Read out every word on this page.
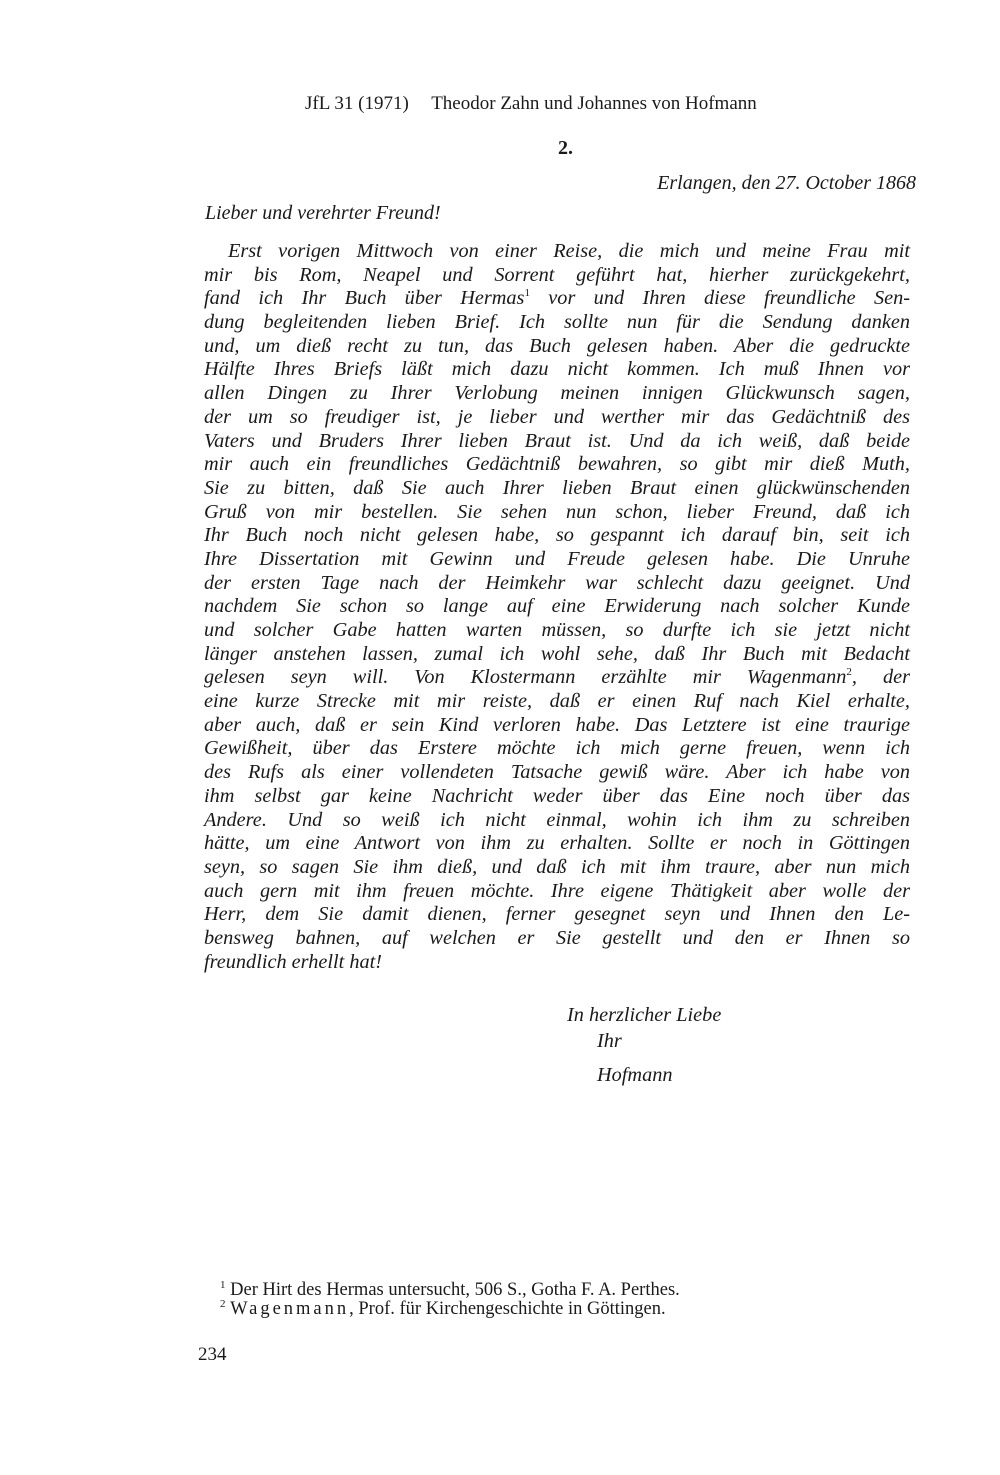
JfL 31 (1971) Theodor Zahn und Johannes von Hofmann
2.
Erlangen, den 27. October 1868
Lieber und verehrter Freund!
Erst vorigen Mittwoch von einer Reise, die mich und meine Frau mit
mir bis Rom, Neapel und Sorrent geführt hat, hierher zurückgekehrt,
fand ich Ihr Buch über Hermas$^1$ vor und Ihren diese freundliche Sen-
dung begleitenden lieben Brief. Ich sollte nun für die Sendung danken
und, um dieß recht zu tun, das Buch gelesen haben. Aber die gedruckte
Hälfte Ihres Briefs läßt mich dazu nicht kommen. Ich muß Ihnen vor
allen Dingen zu Ihrer Verlobung meinen innigen Glückwunsch sagen,
der um so freudiger ist, je lieber und werther mir das Gedächtniß des
Vaters und Bruders Ihrer lieben Braut ist. Und da ich weiß, daß beide
mir auch ein freundliches Gedächtniß bewahren, so gibt mir dieß Muth,
Sie zu bitten, daß Sie auch Ihrer lieben Braut einen glückwünschenden
Gruß von mir bestellen. Sie sehen nun schon, lieber Freund, daß ich
Ihr Buch noch nicht gelesen habe, so gespannt ich darauf bin, seit ich
Ihre Dissertation mit Gewinn und Freude gelesen habe. Die Unruhe
der ersten Tage nach der Heimkehr war schlecht dazu geeignet. Und
nachdem Sie schon so lange auf eine Erwiderung nach solcher Kunde
und solcher Gabe hatten warten müssen, so durfte ich sie jetzt nicht
länger anstehen lassen, zumal ich wohl sehe, daß Ihr Buch mit Bedacht
gelesen seyn will. Von Klostermann erzählte mir Wagenmann$^2$, der
eine kurze Strecke mit mir reiste, daß er einen Ruf nach Kiel erhalte,
aber auch, daß er sein Kind verloren habe. Das Letztere ist eine traurige
Gewißheit, über das Erstere möchte ich mich gerne freuen, wenn ich
des Rufs als einer vollendeten Tatsache gewiß wäre. Aber ich habe von
ihm selbst gar keine Nachricht weder über das Eine noch über das
Andere. Und so weiß ich nicht einmal, wohin ich ihm zu schreiben
hätte, um eine Antwort von ihm zu erhalten. Sollte er noch in Göttingen
seyn, so sagen Sie ihm dieß, und daß ich mit ihm traure, aber nun mich
auch gern mit ihm freuen möchte. Ihre eigene Thätigkeit aber wolle der
Herr, dem Sie damit dienen, ferner gesegnet seyn und Ihnen den Le-
bensweg bahnen, auf welchen er Sie gestellt und den er Ihnen so
freundlich erhellt hat!
In herzlicher Liebe
Ihr
Hofmann
$^1$ Der Hirt des Hermas untersucht, 506 S., Gotha F. A. Perthes.
$^2$ Wagenmann, Prof. für Kirchengeschichte in Göttingen.
234
